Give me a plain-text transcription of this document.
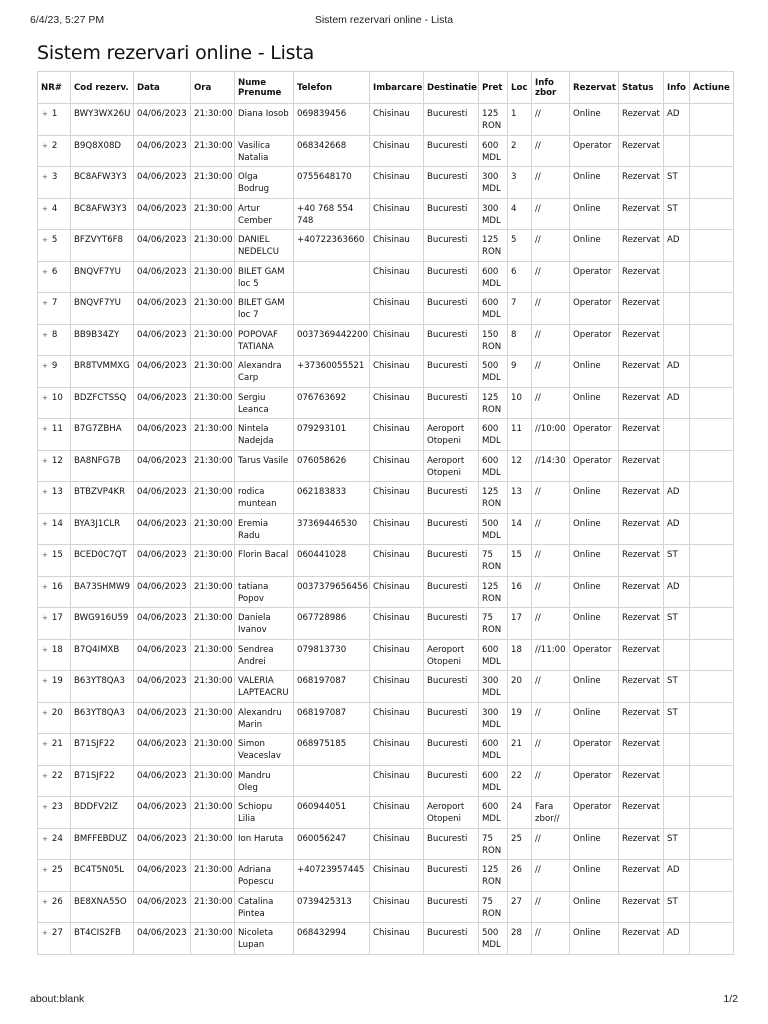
6/4/23, 5:27 PM	Sistem rezervari online - Lista
Sistem rezervari online - Lista
NR#	Cod rezerv.	Data	Ora	Nume Prenume	Telefon	Imbarcare	Destinatie	Pret	Loc	Info zbor	Rezervat	Status	Info	Actiune
+ 1	BWY3WX26U	04/06/2023	21:30:00	Diana Iosob	069839456	Chisinau	Bucuresti	125 RON	1	//	Online	Rezervat	AD	
+ 2	B9Q8X08D	04/06/2023	21:30:00	Vasilica Natalia	068342668	Chisinau	Bucuresti	600 MDL	2	//	Operator	Rezervat		
+ 3	BC8AFW3Y3	04/06/2023	21:30:00	Olga Bodrug	0755648170	Chisinau	Bucuresti	300 MDL	3	//	Online	Rezervat	ST	
+ 4	BC8AFW3Y3	04/06/2023	21:30:00	Artur Cember	+40 768 554 748	Chisinau	Bucuresti	300 MDL	4	//	Online	Rezervat	ST	
+ 5	BFZVYT6F8	04/06/2023	21:30:00	DANIEL NEDELCU	+40722363660	Chisinau	Bucuresti	125 RON	5	//	Online	Rezervat	AD	
+ 6	BNQVF7YU	04/06/2023	21:30:00	BILET GAM loc 5		Chisinau	Bucuresti	600 MDL	6	//	Operator	Rezervat		
+ 7	BNQVF7YU	04/06/2023	21:30:00	BILET GAM loc 7		Chisinau	Bucuresti	600 MDL	7	//	Operator	Rezervat		
+ 8	BB9B34ZY	04/06/2023	21:30:00	POPOVAF TATIANA	0037369442200	Chisinau	Bucuresti	150 RON	8	//	Operator	Rezervat		
+ 9	BR8TVMMXG	04/06/2023	21:30:00	Alexandra Carp	+37360055521	Chisinau	Bucuresti	500 MDL	9	//	Online	Rezervat	AD	
+ 10	BDZFCTSSQ	04/06/2023	21:30:00	Sergiu Leanca	076763692	Chisinau	Bucuresti	125 RON	10	//	Online	Rezervat	AD	
+ 11	B7G7ZBHA	04/06/2023	21:30:00	Nintela Nadejda	079293101	Chisinau	Aeroport Otopeni	600 MDL	11	//10:00	Operator	Rezervat		
+ 12	BA8NFG7B	04/06/2023	21:30:00	Tarus Vasile	076058626	Chisinau	Aeroport Otopeni	600 MDL	12	//14:30	Operator	Rezervat		
+ 13	BTBZVP4KR	04/06/2023	21:30:00	rodica muntean	062183833	Chisinau	Bucuresti	125 RON	13	//	Online	Rezervat	AD	
+ 14	BYA3J1CLR	04/06/2023	21:30:00	Eremia Radu	37369446530	Chisinau	Bucuresti	500 MDL	14	//	Online	Rezervat	AD	
+ 15	BCED0C7QT	04/06/2023	21:30:00	Florin Bacal	060441028	Chisinau	Bucuresti	75 RON	15	//	Online	Rezervat	ST	
+ 16	BA73SHMW9	04/06/2023	21:30:00	tatiana Popov	0037379656456	Chisinau	Bucuresti	125 RON	16	//	Online	Rezervat	AD	
+ 17	BWG916U59	04/06/2023	21:30:00	Daniela Ivanov	067728986	Chisinau	Bucuresti	75 RON	17	//	Online	Rezervat	ST	
+ 18	B7Q4IMXB	04/06/2023	21:30:00	Sendrea Andrei	079813730	Chisinau	Aeroport Otopeni	600 MDL	18	//11:00	Operator	Rezervat		
+ 19	B63YT8QA3	04/06/2023	21:30:00	VALERIA LAPTEACRU	068197087	Chisinau	Bucuresti	300 MDL	20	//	Online	Rezervat	ST	
+ 20	B63YT8QA3	04/06/2023	21:30:00	Alexandru Marin	068197087	Chisinau	Bucuresti	300 MDL	19	//	Online	Rezervat	ST	
+ 21	B71SJF22	04/06/2023	21:30:00	Simon Veaceslav	068975185	Chisinau	Bucuresti	600 MDL	21	//	Operator	Rezervat		
+ 22	B71SJF22	04/06/2023	21:30:00	Mandru Oleg		Chisinau	Bucuresti	600 MDL	22	//	Operator	Rezervat		
+ 23	BDDFV2IZ	04/06/2023	21:30:00	Schiopu Lilia	060944051	Chisinau	Aeroport Otopeni	600 MDL	24	Fara zbor//	Operator	Rezervat		
+ 24	BMFFEBDUZ	04/06/2023	21:30:00	Ion Haruta	060056247	Chisinau	Bucuresti	75 RON	25	//	Online	Rezervat	ST	
+ 25	BC4T5N05L	04/06/2023	21:30:00	Adriana Popescu	+40723957445	Chisinau	Bucuresti	125 RON	26	//	Online	Rezervat	AD	
+ 26	BE8XNA55O	04/06/2023	21:30:00	Catalina Pintea	0739425313	Chisinau	Bucuresti	75 RON	27	//	Online	Rezervat	ST	
+ 27	BT4CIS2FB	04/06/2023	21:30:00	Nicoleta Lupan	068432994	Chisinau	Bucuresti	500 MDL	28	//	Online	Rezervat	AD	
about:blank	1/2
